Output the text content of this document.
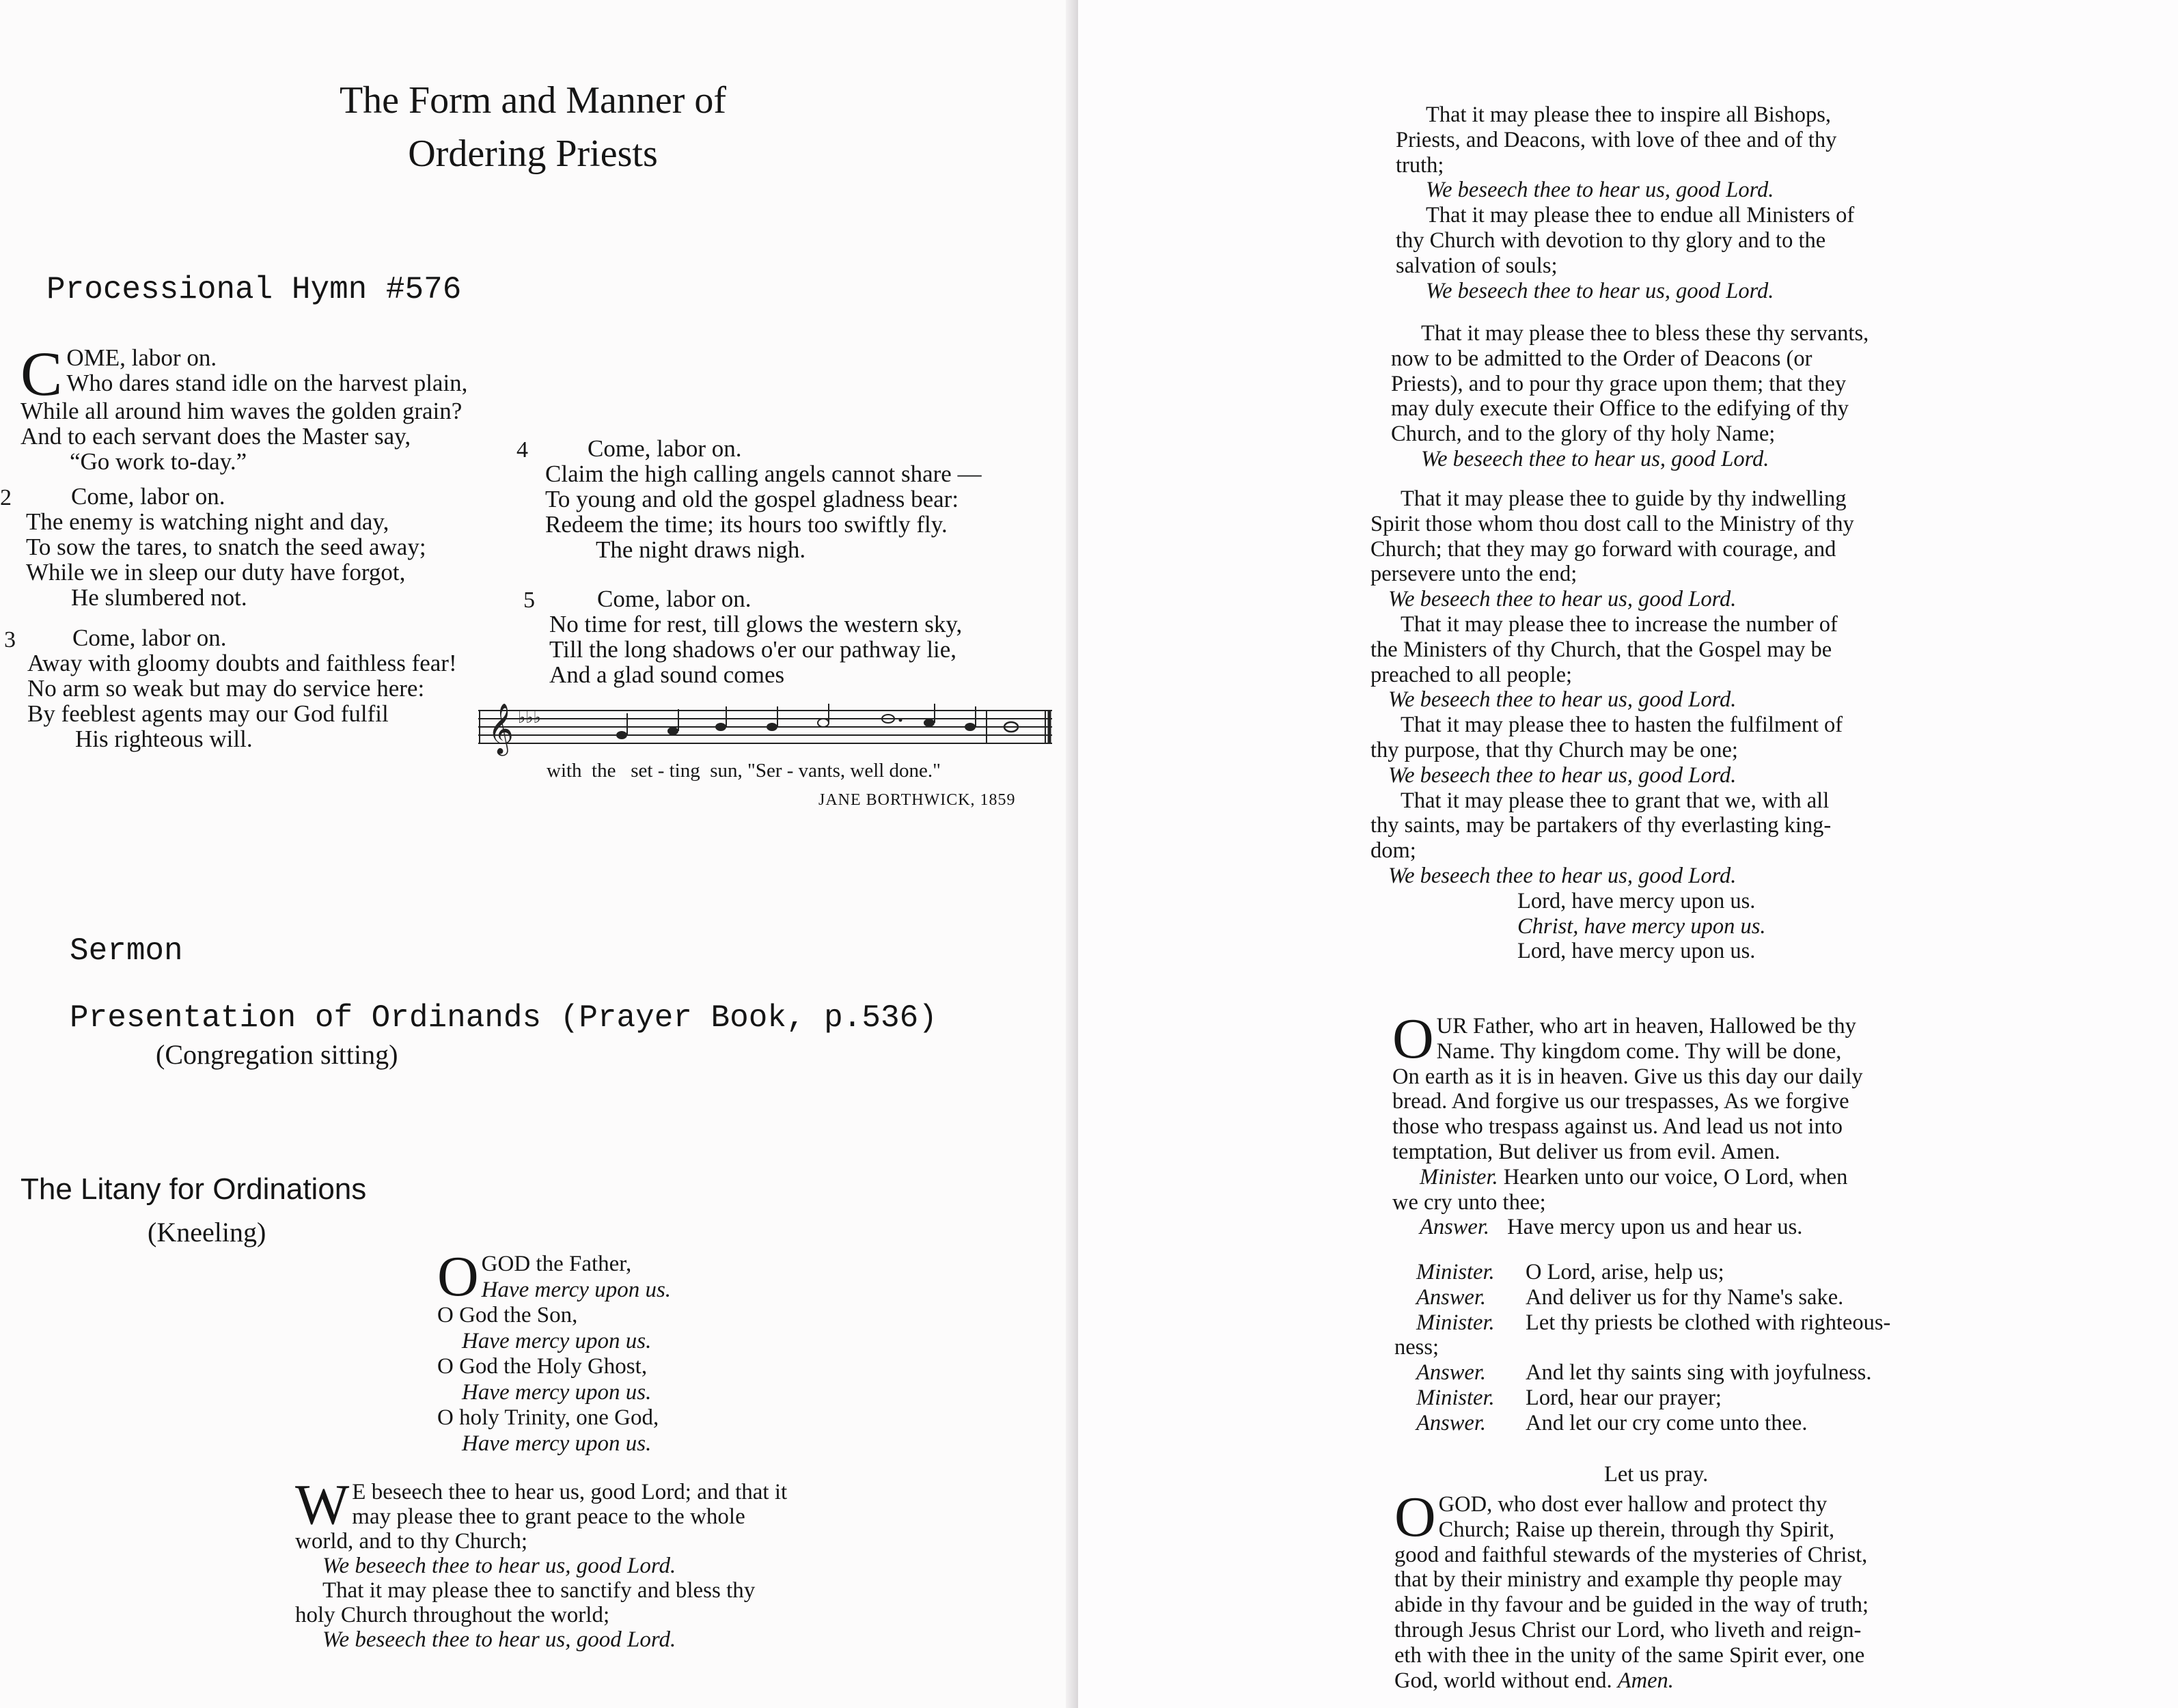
The Form and Manner of
Ordering Priests
Processional Hymn #576
C OME, labor on.
Who dares stand idle on the harvest plain,
While all around him waves the golden grain?
And to each servant does the Master say,
“Go work to-day.”
2	Come, labor on.
The enemy is watching night and day,
To sow the tares, to snatch the seed away;
While we in sleep our duty have forgot,
He slumbered not.
3	Come, labor on.
Away with gloomy doubts and faithless fear!
No arm so weak but may do service here:
By feeblest agents may our God fulfil
His righteous will.
4	Come, labor on.
Claim the high calling angels cannot share —
To young and old the gospel gladness bear:
Redeem the time; its hours too swiftly fly.
The night draws nigh.
5	Come, labor on.
No time for rest, till glows the western sky,
Till the long shadows o'er our pathway lie,
And a glad sound comes
𝄞 ♭♭♭
with  the   set - ting  sun, "Ser - vants, well done."
JANE BORTHWICK, 1859
Sermon
Presentation of Ordinands (Prayer Book, p.536)
(Congregation sitting)
The Litany for Ordinations
(Kneeling)
O GOD the Father,
Have mercy upon us.
O God the Son,
Have mercy upon us.
O God the Holy Ghost,
Have mercy upon us.
O holy Trinity, one God,
Have mercy upon us.
W E beseech thee to hear us, good Lord; and that it
may please thee to grant peace to the whole
world, and to thy Church;
We beseech thee to hear us, good Lord.
That it may please thee to sanctify and bless thy
holy Church throughout the world;
We beseech thee to hear us, good Lord.
That it may please thee to inspire all Bishops,
Priests, and Deacons, with love of thee and of thy
truth;
We beseech thee to hear us, good Lord.
That it may please thee to endue all Ministers of
thy Church with devotion to thy glory and to the
salvation of souls;
We beseech thee to hear us, good Lord.
That it may please thee to bless these thy servants,
now to be admitted to the Order of Deacons (or
Priests), and to pour thy grace upon them; that they
may duly execute their Office to the edifying of thy
Church, and to the glory of thy holy Name;
We beseech thee to hear us, good Lord.
That it may please thee to guide by thy indwelling
Spirit those whom thou dost call to the Ministry of thy
Church; that they may go forward with courage, and
persevere unto the end;
We beseech thee to hear us, good Lord.
That it may please thee to increase the number of
the Ministers of thy Church, that the Gospel may be
preached to all people;
We beseech thee to hear us, good Lord.
That it may please thee to hasten the fulfilment of
thy purpose, that thy Church may be one;
We beseech thee to hear us, good Lord.
That it may please thee to grant that we, with all
thy saints, may be partakers of thy everlasting king-
dom;
We beseech thee to hear us, good Lord.
Lord, have mercy upon us.
Christ, have mercy upon us.
Lord, have mercy upon us.
O UR Father, who art in heaven, Hallowed be thy
Name. Thy kingdom come. Thy will be done,
On earth as it is in heaven. Give us this day our daily
bread. And forgive us our trespasses, As we forgive
those who trespass against us. And lead us not into
temptation, But deliver us from evil. Amen.
Minister. Hearken unto our voice, O Lord, when
we cry unto thee;
Answer. Have mercy upon us and hear us.
Minister. O Lord, arise, help us;
Answer. And deliver us for thy Name's sake.
Minister. Let thy priests be clothed with righteous-
ness;
Answer. And let thy saints sing with joyfulness.
Minister. Lord, hear our prayer;
Answer. And let our cry come unto thee.
Let us pray.
O GOD, who dost ever hallow and protect thy
Church; Raise up therein, through thy Spirit,
good and faithful stewards of the mysteries of Christ,
that by their ministry and example thy people may
abide in thy favour and be guided in the way of truth;
through Jesus Christ our Lord, who liveth and reign-
eth with thee in the unity of the same Spirit ever, one
God, world without end. Amen.
